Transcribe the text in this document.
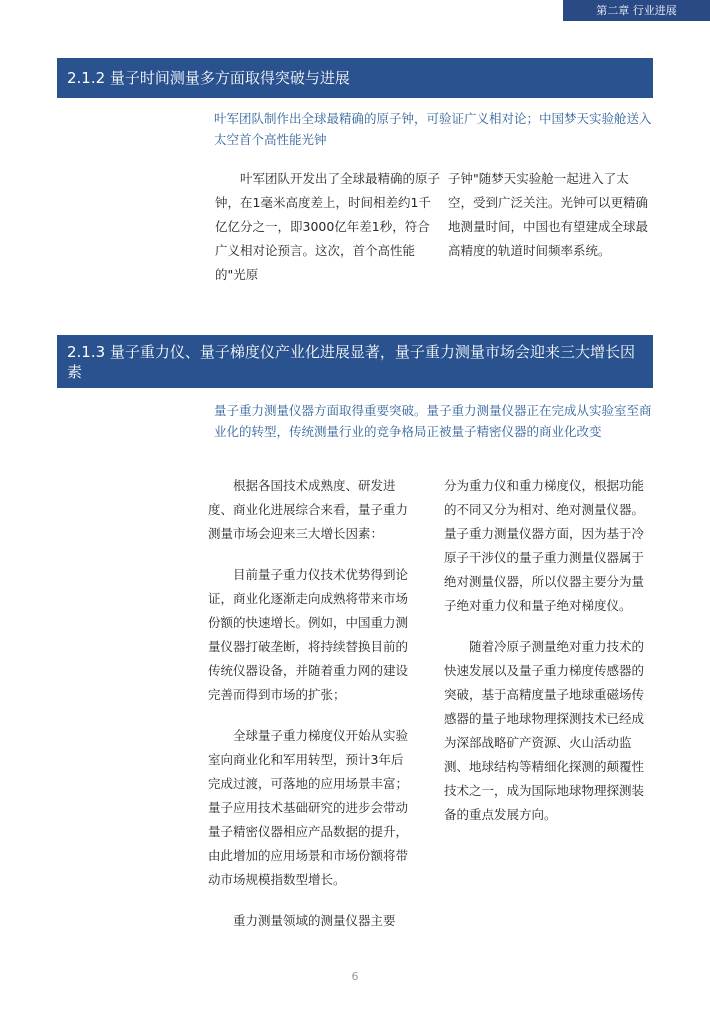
第二章 行业进展
2.1.2 量子时间测量多方面取得突破与进展

叶军团队制作出全球最精确的原子钟，可验证广义相对论；中国梦天实验舱送入太空首个高性能光钟

叶军团队开发出了全球最精确的原子钟，在1毫米高度差上，时间相差约1千亿亿分之一，即3000亿年差1秒，符合广义相对论预言。这次，首个高性能的"光原

子钟"随梦天实验舱一起进入了太空，受到广泛关注。光钟可以更精确地测量时间，中国也有望建成全球最高精度的轨道时间频率系统。

2.1.3 量子重力仪、量子梯度仪产业化进展显著，量子重力测量市场会迎来三大增长因素

量子重力测量仪器方面取得重要突破。量子重力测量仪器正在完成从实验室至商业化的转型，传统测量行业的竞争格局正被量子精密仪器的商业化改变

根据各国技术成熟度、研发进度、商业化进展综合来看，量子重力测量市场会迎来三大增长因素：

目前量子重力仪技术优势得到论证，商业化逐渐走向成熟将带来市场份额的快速增长。例如，中国重力测量仪器打破垄断，将持续替换目前的传统仪器设备，并随着重力网的建设完善而得到市场的扩张；

全球量子重力梯度仪开始从实验室向商业化和军用转型，预计3年后完成过渡，可落地的应用场景丰富；量子应用技术基础研究的进步会带动量子精密仪器相应产品数据的提升，由此增加的应用场景和市场份额将带动市场规模指数型增长。

重力测量领域的测量仪器主要

分为重力仪和重力梯度仪，根据功能的不同又分为相对、绝对测量仪器。量子重力测量仪器方面，因为基于冷原子干涉仪的量子重力测量仪器属于绝对测量仪器，所以仪器主要分为量子绝对重力仪和量子绝对梯度仪。

随着冷原子测量绝对重力技术的快速发展以及量子重力梯度传感器的突破，基于高精度量子地球重磁场传感器的量子地球物理探测技术已经成为深部战略矿产资源、火山活动监测、地球结构等精细化探测的颠覆性技术之一，成为国际地球物理探测装备的重点发展方向。

6
